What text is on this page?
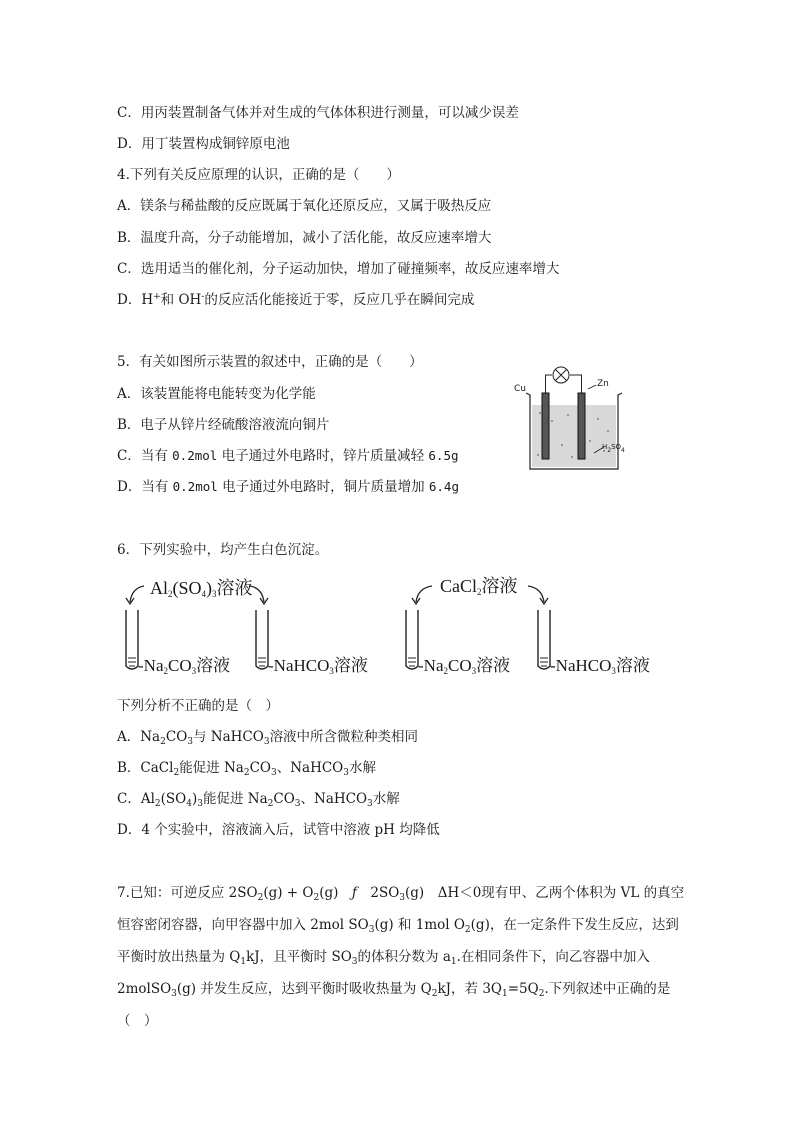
C．用丙装置制备气体并对生成的气体体积进行测量，可以减少误差
D．用丁装置构成铜锌原电池
4.下列有关反应原理的认识，正确的是（　　）
A．镁条与稀盐酸的反应既属于氧化还原反应，又属于吸热反应
B．温度升高，分子动能增加，减小了活化能，故反应速率增大
C．选用适当的催化剂，分子运动加快，增加了碰撞频率，故反应速率增大
D．H+和 OH-的反应活化能接近于零，反应几乎在瞬间完成
5．有关如图所示装置的叙述中，正确的是（　　）
A．该装置能将电能转变为化学能
B．电子从锌片经硫酸溶液流向铜片
C．当有 0.2mol 电子通过外电路时，锌片质量减轻 6.5g
D．当有 0.2mol 电子通过外电路时，铜片质量增加 6.4g
Cu	Zn
$H_2SO_4$
6．下列实验中，均产生白色沉淀。
$Al_2(SO_4)_3$溶液	CaCl$_2$溶液
$-Na_2CO_3$溶液 -NaHCO$_3$溶液	$-Na_2CO_3$溶液 -NaHCO$_3$溶液
下列分析不正确的是（　）
A．$Na_2CO_3$与 NaHCO$_3$溶液中所含微粒种类相同
B．CaCl$_2$能促进 $Na_2CO_3$、NaHCO$_3$水解
C．$Al_2(SO_4)_3$能促进 $Na_2CO_3$、NaHCO$_3$水解
D．4 个实验中，溶液滴入后，试管中溶液 pH 均降低
7.已知：可逆反应 $2SO_2(g) + O_2(g)$　ƒ　$2SO_3(g)$　ΔH＜0现有甲、乙两个体积为 VL 的真空恒容密闭容器，向甲容器中加入 2mol $SO_3(g)$ 和 1mol $O_2(g)$，在一定条件下发生反应，达到平衡时放出热量为 $Q_1kJ$，且平衡时 $SO_3$的体积分数为 $a_1$.在相同条件下，向乙容器中加入 2molSO$_3$(g) 并发生反应，达到平衡时吸收热量为 $Q_2kJ$，若 $3Q_1=5Q_2$.下列叙述中正确的是（　）
